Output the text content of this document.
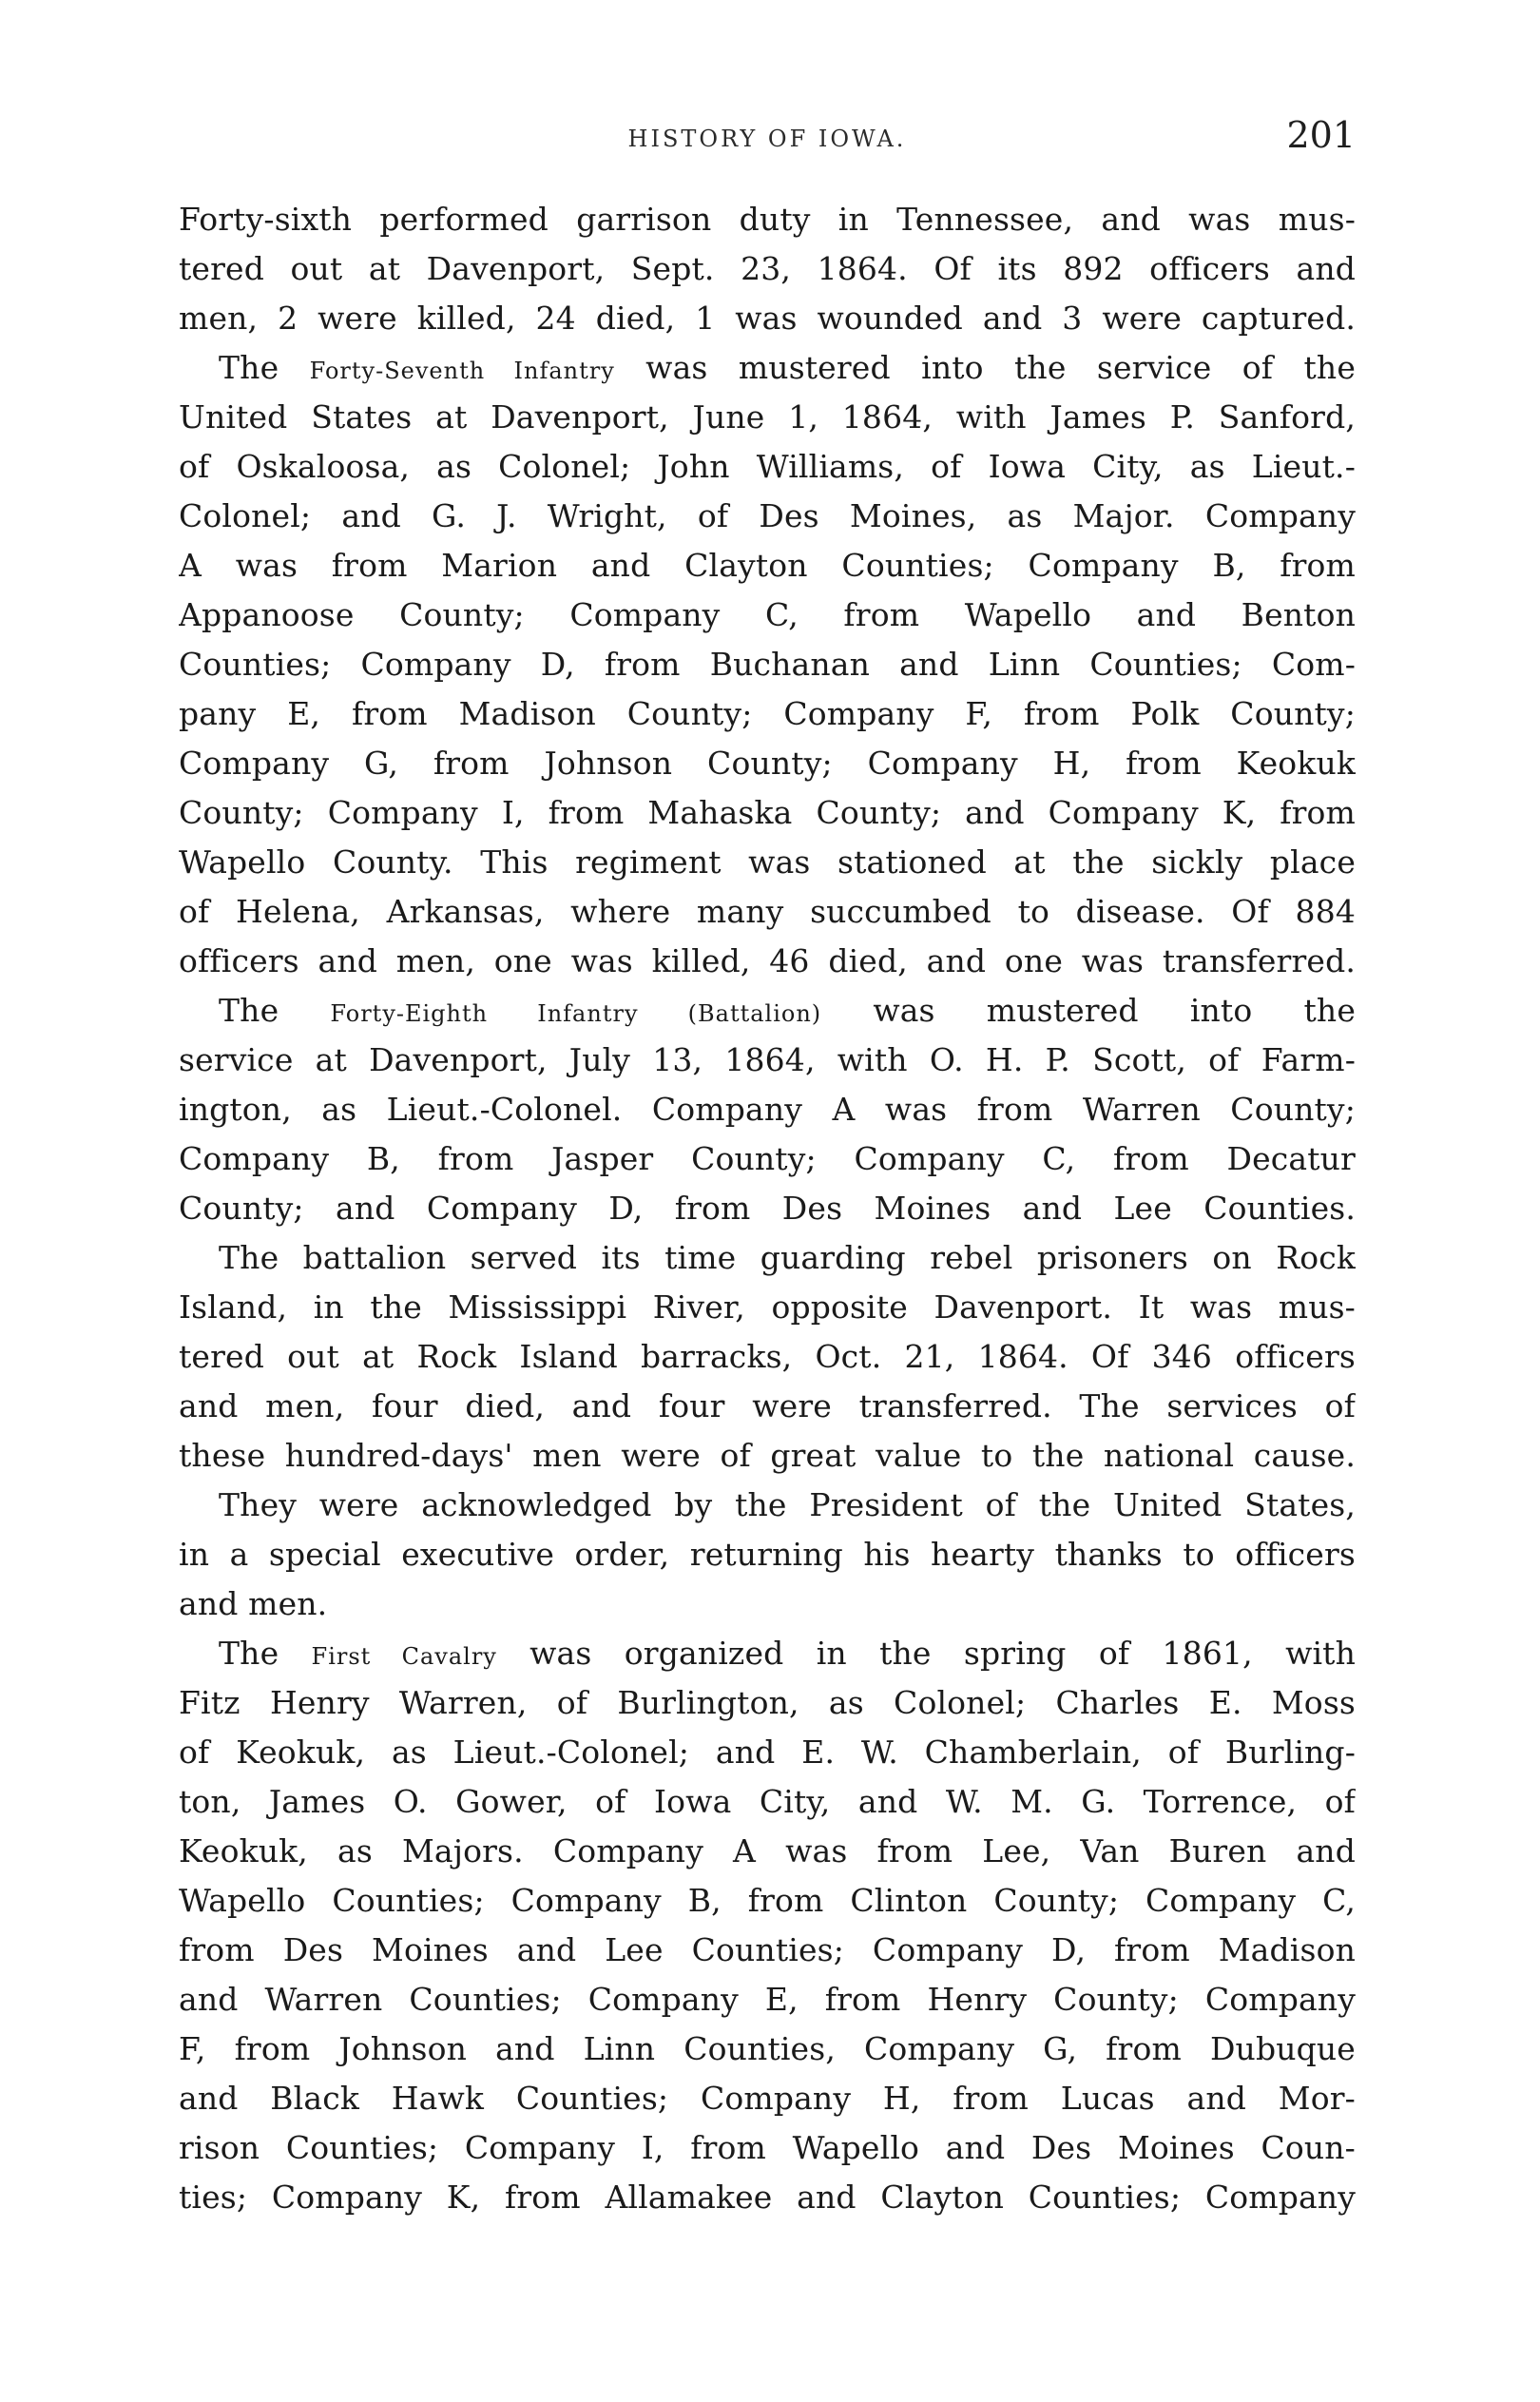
HISTORY OF IOWA.	201
Forty-sixth performed garrison duty in Tennessee, and was mus-
tered out at Davenport, Sept. 23, 1864. Of its 892 officers and
men, 2 were killed, 24 died, 1 was wounded and 3 were captured.
The Forty-Seventh Infantry was mustered into the service of the
United States at Davenport, June 1, 1864, with James P. Sanford,
of Oskaloosa, as Colonel; John Williams, of Iowa City, as Lieut.-
Colonel; and G. J. Wright, of Des Moines, as Major. Company
A was from Marion and Clayton Counties; Company B, from
Appanoose County; Company C, from Wapello and Benton
Counties; Company D, from Buchanan and Linn Counties; Com-
pany E, from Madison County; Company F, from Polk County;
Company G, from Johnson County; Company H, from Keokuk
County; Company I, from Mahaska County; and Company K, from
Wapello County. This regiment was stationed at the sickly place
of Helena, Arkansas, where many succumbed to disease. Of 884
officers and men, one was killed, 46 died, and one was transferred.
The Forty-Eighth Infantry (Battalion) was mustered into the
service at Davenport, July 13, 1864, with O. H. P. Scott, of Farm-
ington, as Lieut.-Colonel. Company A was from Warren County;
Company B, from Jasper County; Company C, from Decatur
County; and Company D, from Des Moines and Lee Counties.
The battalion served its time guarding rebel prisoners on Rock
Island, in the Mississippi River, opposite Davenport. It was mus-
tered out at Rock Island barracks, Oct. 21, 1864. Of 346 officers
and men, four died, and four were transferred. The services of
these hundred-days' men were of great value to the national cause.
They were acknowledged by the President of the United States,
in a special executive order, returning his hearty thanks to officers
and men.
The First Cavalry was organized in the spring of 1861, with
Fitz Henry Warren, of Burlington, as Colonel; Charles E. Moss
of Keokuk, as Lieut.-Colonel; and E. W. Chamberlain, of Burling-
ton, James O. Gower, of Iowa City, and W. M. G. Torrence, of
Keokuk, as Majors. Company A was from Lee, Van Buren and
Wapello Counties; Company B, from Clinton County; Company C,
from Des Moines and Lee Counties; Company D, from Madison
and Warren Counties; Company E, from Henry County; Company
F, from Johnson and Linn Counties, Company G, from Dubuque
and Black Hawk Counties; Company H, from Lucas and Mor-
rison Counties; Company I, from Wapello and Des Moines Coun-
ties; Company K, from Allamakee and Clayton Counties; Company
